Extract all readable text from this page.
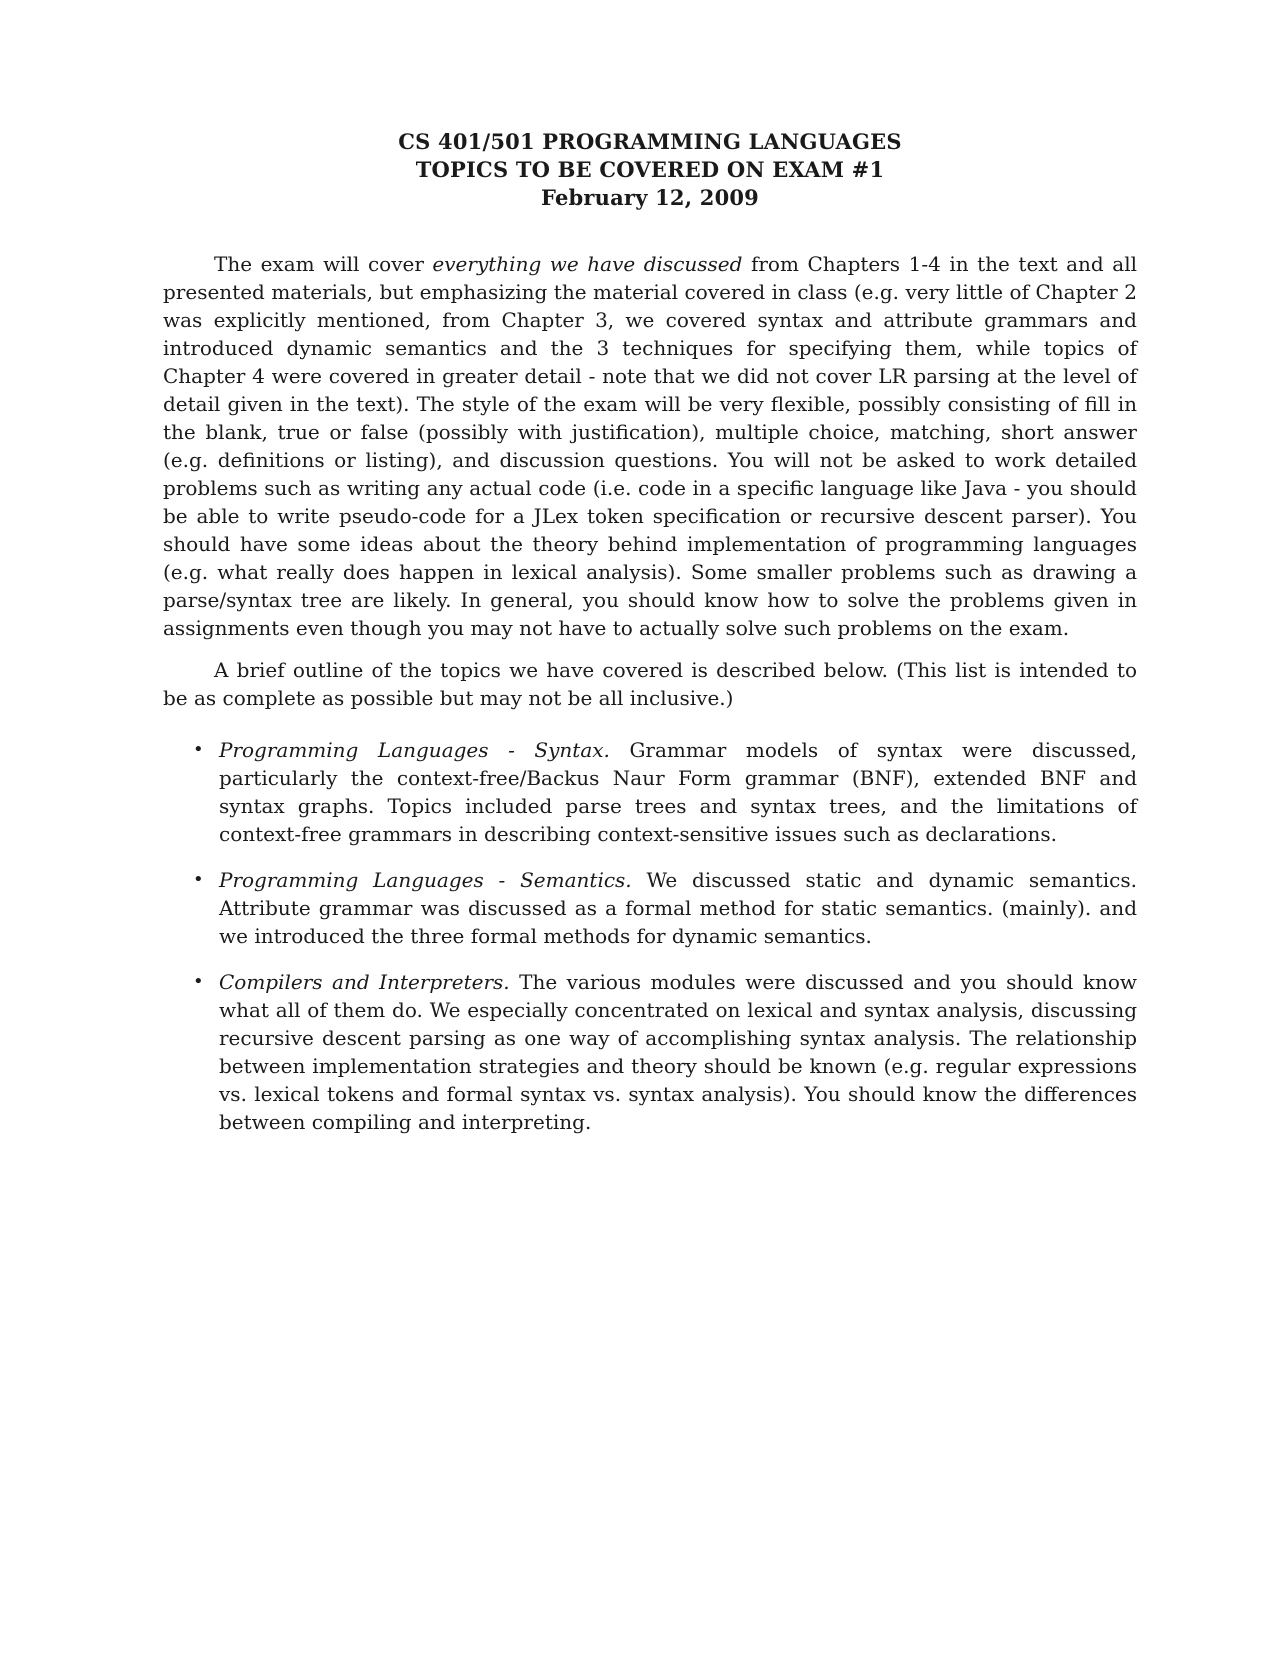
CS 401/501 PROGRAMMING LANGUAGES
TOPICS TO BE COVERED ON EXAM #1
February 12, 2009

The exam will cover everything we have discussed from Chapters 1-4 in the text and all presented materials, but emphasizing the material covered in class (e.g. very little of Chapter 2 was explicitly mentioned, from Chapter 3, we covered syntax and attribute grammars and introduced dynamic semantics and the 3 techniques for specifying them, while topics of Chapter 4 were covered in greater detail - note that we did not cover LR parsing at the level of detail given in the text). The style of the exam will be very flexible, possibly consisting of fill in the blank, true or false (possibly with justification), multiple choice, matching, short answer (e.g. definitions or listing), and discussion questions. You will not be asked to work detailed problems such as writing any actual code (i.e. code in a specific language like Java - you should be able to write pseudo-code for a JLex token specification or recursive descent parser). You should have some ideas about the theory behind implementation of programming languages (e.g. what really does happen in lexical analysis). Some smaller problems such as drawing a parse/syntax tree are likely. In general, you should know how to solve the problems given in assignments even though you may not have to actually solve such problems on the exam.

A brief outline of the topics we have covered is described below. (This list is intended to be as complete as possible but may not be all inclusive.)

• Programming Languages - Syntax. Grammar models of syntax were discussed, particularly the context-free/Backus Naur Form grammar (BNF), extended BNF and syntax graphs. Topics included parse trees and syntax trees, and the limitations of context-free grammars in describing context-sensitive issues such as declarations.
• Programming Languages - Semantics. We discussed static and dynamic semantics. Attribute grammar was discussed as a formal method for static semantics. (mainly). and we introduced the three formal methods for dynamic semantics.
• Compilers and Interpreters. The various modules were discussed and you should know what all of them do. We especially concentrated on lexical and syntax analysis, discussing recursive descent parsing as one way of accomplishing syntax analysis. The relationship between implementation strategies and theory should be known (e.g. regular expressions vs. lexical tokens and formal syntax vs. syntax analysis). You should know the differences between compiling and interpreting.
